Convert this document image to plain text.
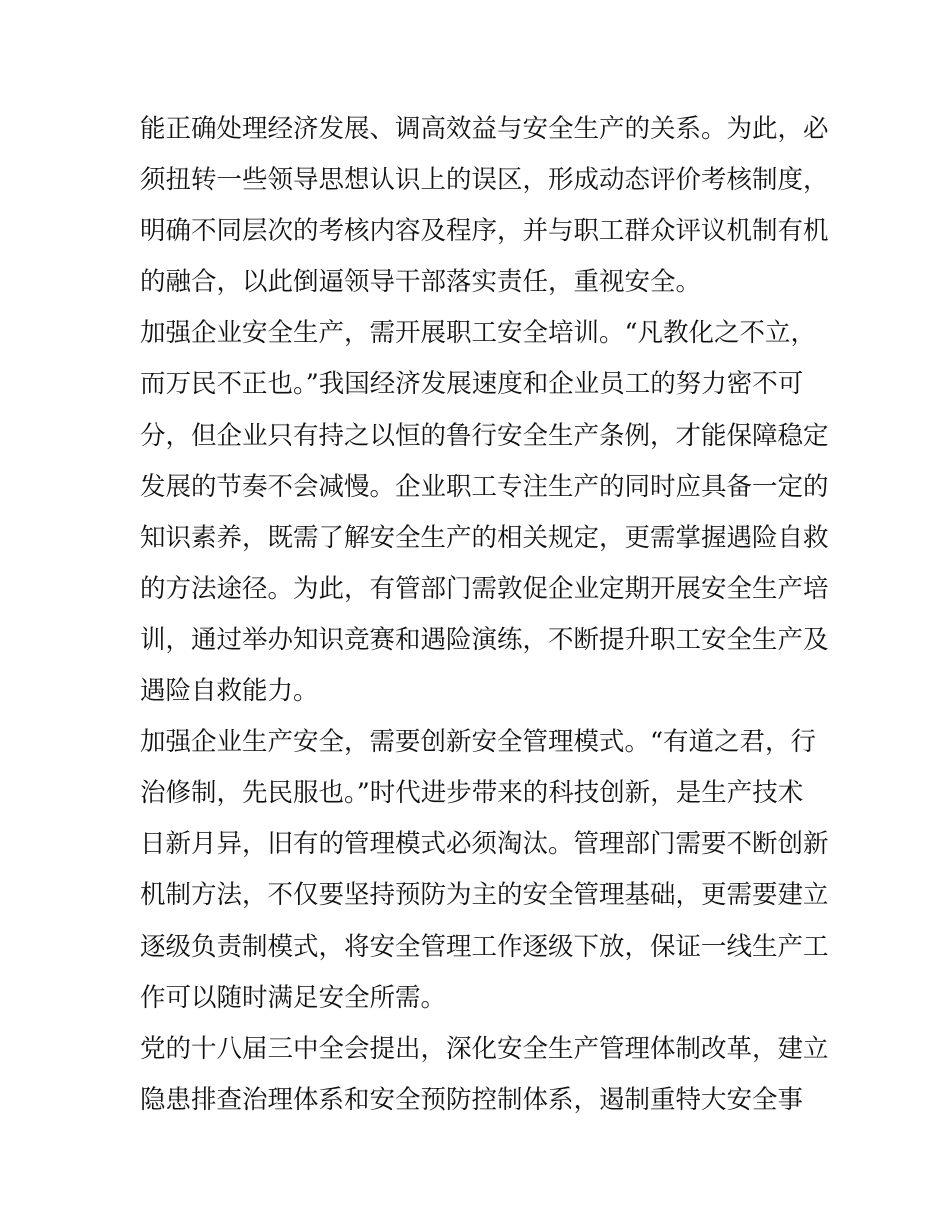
能正确处理经济发展、调高效益与安全生产的关系。为此，必
须扭转一些领导思想认识上的误区，形成动态评价考核制度，
明确不同层次的考核内容及程序，并与职工群众评议机制有机
的融合，以此倒逼领导干部落实责任，重视安全。
加强企业安全生产，需开展职工安全培训。“凡教化之不立，
而万民不正也。”我国经济发展速度和企业员工的努力密不可
分，但企业只有持之以恒的鲁行安全生产条例，才能保障稳定
发展的节奏不会减慢。企业职工专注生产的同时应具备一定的
知识素养，既需了解安全生产的相关规定，更需掌握遇险自救
的方法途径。为此，有管部门需敦促企业定期开展安全生产培
训，通过举办知识竞赛和遇险演练，不断提升职工安全生产及
遇险自救能力。
加强企业生产安全，需要创新安全管理模式。“有道之君，行
治修制，先民服也。”时代进步带来的科技创新，是生产技术
日新月异，旧有的管理模式必须淘汰。管理部门需要不断创新
机制方法，不仅要坚持预防为主的安全管理基础，更需要建立
逐级负责制模式，将安全管理工作逐级下放，保证一线生产工
作可以随时满足安全所需。
党的十八届三中全会提出，深化安全生产管理体制改革，建立
隐患排查治理体系和安全预防控制体系，遏制重特大安全事
